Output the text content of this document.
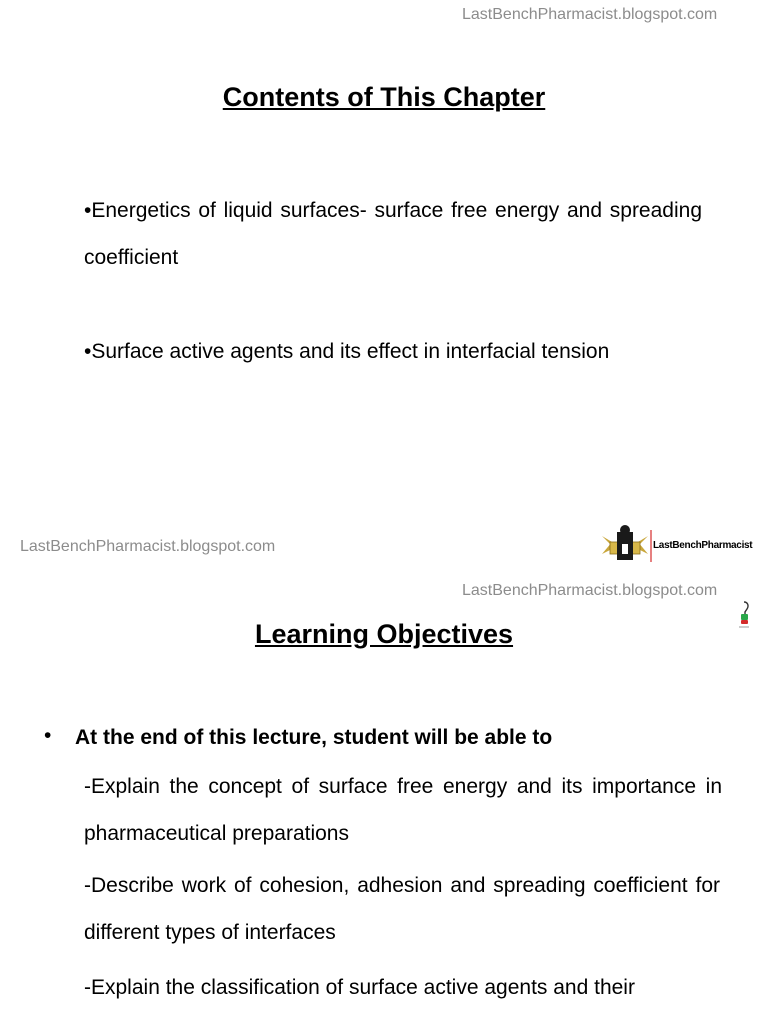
LastBenchPharmacist.blogspot.com
Contents of This Chapter
•Energetics of liquid surfaces- surface free energy and spreading coefficient
•Surface active agents and its effect in interfacial tension
LastBenchPharmacist.blogspot.com	LastBenchPharmacist
LastBenchPharmacist.blogspot.com
Learning Objectives
• At the end of this lecture, student will be able to
-Explain the concept of surface free energy and its importance in pharmaceutical preparations
-Describe work of cohesion, adhesion and spreading coefficient for different types of interfaces
-Explain the classification of surface active agents and their
